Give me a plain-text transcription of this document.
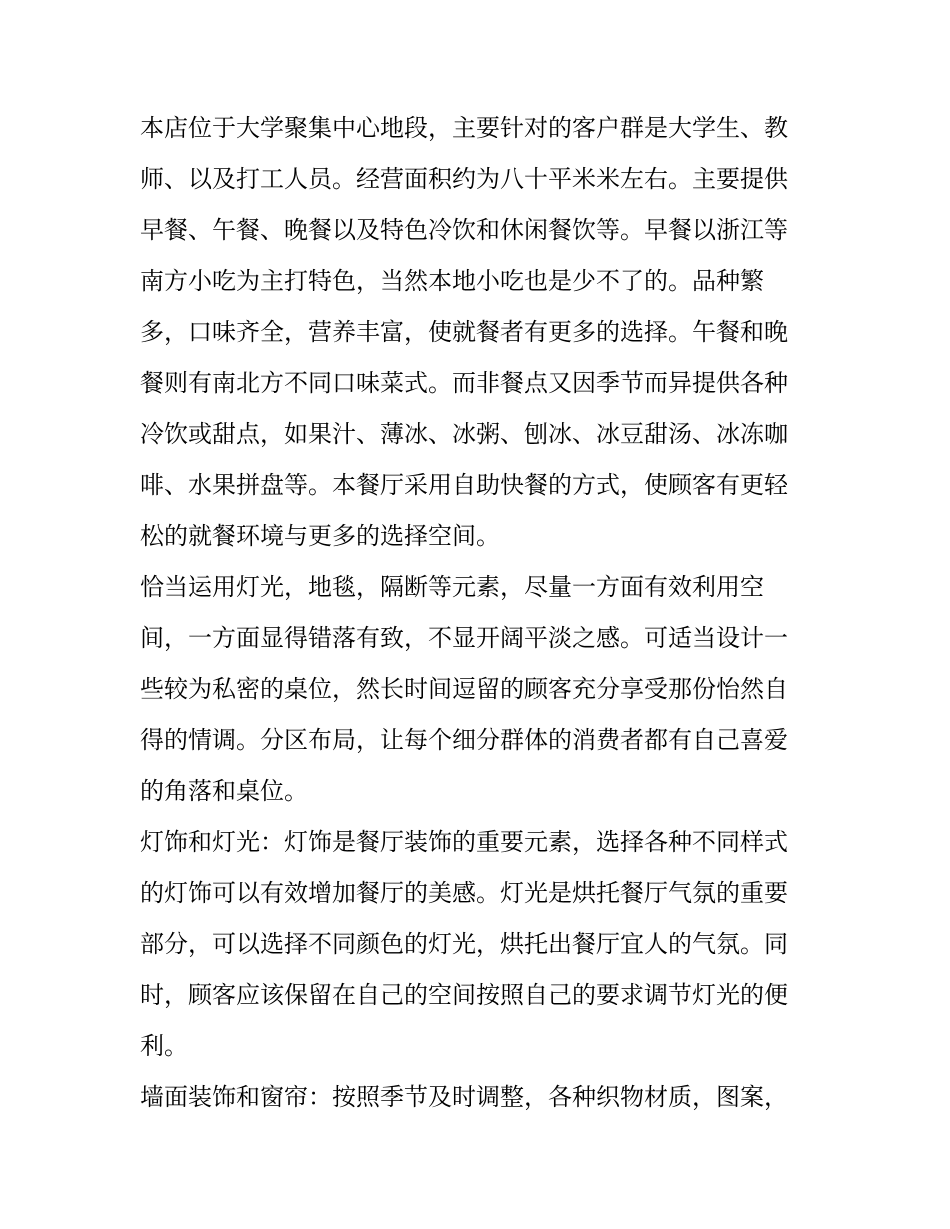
本店位于大学聚集中心地段，主要针对的客户群是大学生、教
师、以及打工人员。经营面积约为八十平米米左右。主要提供
早餐、午餐、晚餐以及特色冷饮和休闲餐饮等。早餐以浙江等
南方小吃为主打特色，当然本地小吃也是少不了的。品种繁
多，口味齐全，营养丰富，使就餐者有更多的选择。午餐和晚
餐则有南北方不同口味菜式。而非餐点又因季节而异提供各种
冷饮或甜点，如果汁、薄冰、冰粥、刨冰、冰豆甜汤、冰冻咖
啡、水果拼盘等。本餐厅采用自助快餐的方式，使顾客有更轻
松的就餐环境与更多的选择空间。
恰当运用灯光，地毯，隔断等元素，尽量一方面有效利用空
间，一方面显得错落有致，不显开阔平淡之感。可适当设计一
些较为私密的桌位，然长时间逗留的顾客充分享受那份怡然自
得的情调。分区布局，让每个细分群体的消费者都有自己喜爱
的角落和桌位。
灯饰和灯光：灯饰是餐厅装饰的重要元素，选择各种不同样式
的灯饰可以有效增加餐厅的美感。灯光是烘托餐厅气氛的重要
部分，可以选择不同颜色的灯光，烘托出餐厅宜人的气氛。同
时，顾客应该保留在自己的空间按照自己的要求调节灯光的便
利。
墙面装饰和窗帘：按照季节及时调整，各种织物材质，图案，
